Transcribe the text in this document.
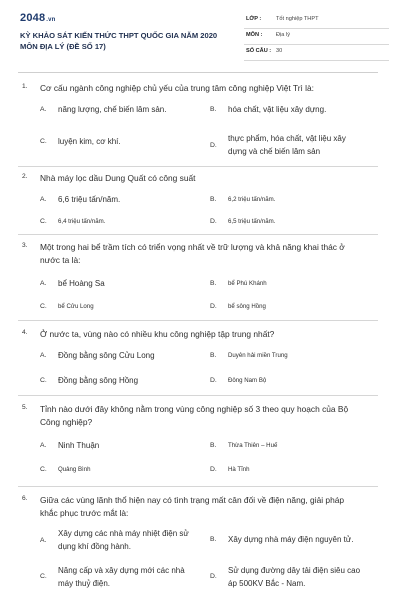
2048.vn
KỲ KHẢO SÁT KIẾN THỨC THPT QUỐC GIA NĂM 2020
MÔN ĐỊA LÝ (ĐỀ SỐ 17)
LỚP :	Tốt nghiệp THPT
MÔN : Địa lý
SỐ CÂU : 30
1. Cơ cấu ngành công nghiệp chủ yếu của trung tâm công nghiệp Việt Trì là:
A. năng lượng, chế biến lâm sản.	B. hóa chất, vật liệu xây dựng.
C. luyện kim, cơ khí.	D.
thực phẩm, hóa chất, vật liệu xây
dựng và chế biến lâm sản
2. Nhà máy lọc dầu Dung Quất có công suất
A. 6,6 triệu tấn/năm.	B. 6,2 triệu tấn/năm.
C. 6,4 triệu tấn/năm.	D. 6,5 triệu tấn/năm.
3. Một trong hai bể trầm tích có triển vọng nhất về trữ lượng và khả năng khai thác ở
nước ta là:
A. bể Hoàng Sa	B. bể Phú Khánh
C. bể Cửu Long	D. bể sông Hồng
4. Ở nước ta, vùng nào có nhiều khu công nghiệp tập trung nhất?
A. Đồng bằng sông Cửu Long	B. Duyên hải miền Trung
C. Đồng bằng sông Hồng	D. Đông Nam Bộ
5. Tỉnh nào dưới đây không nằm trong vùng công nghiệp số 3 theo quy hoạch của Bộ
Công nghiệp?
A. Ninh Thuận	B. Thừa Thiên – Huế
C. Quảng Bình	D. Hà Tĩnh
6. Giữa các vùng lãnh thổ hiện nay có tình trạng mất cân đối về điện năng, giải pháp
khắc phục trước mắt là:
A.
Xây dựng các nhà máy nhiệt điện sử
dụng khí đồng hành.
B. Xây dựng nhà máy điện nguyên tử.
C.
Nâng cấp và xây dựng mới các nhà
máy thuỷ điện.
D.
Sử dụng đường dây tải điện siêu cao
áp 500KV Bắc - Nam.
